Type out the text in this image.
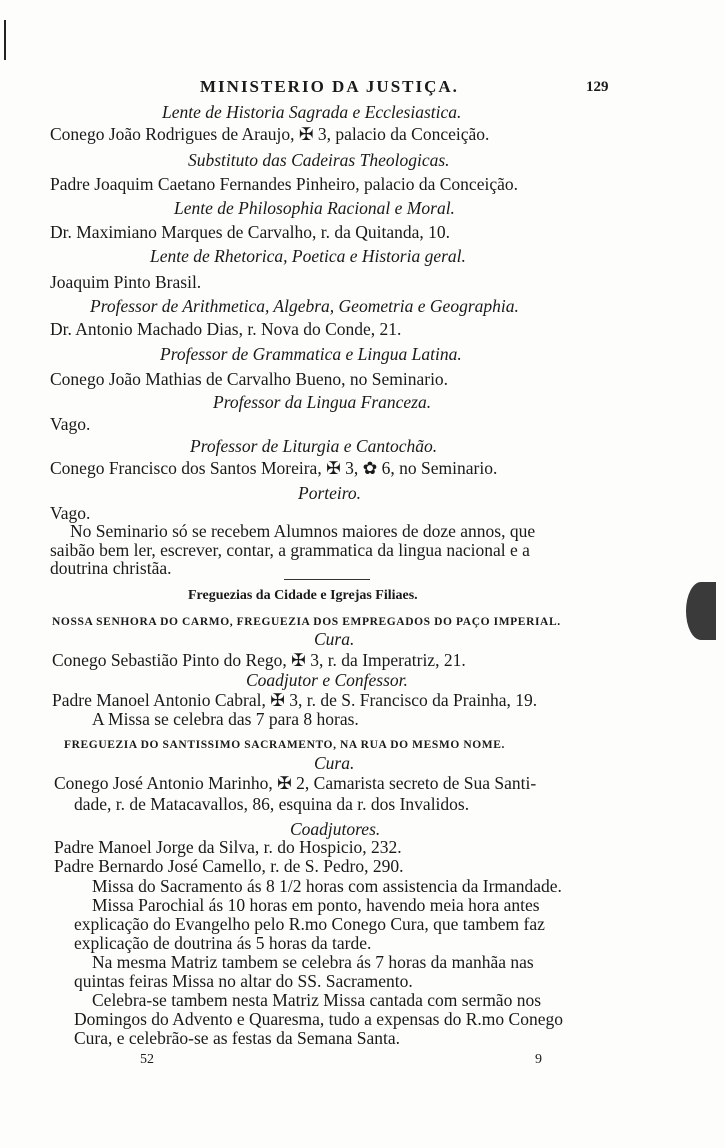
MINISTERIO DA JUSTIÇA.	129
Lente de Historia Sagrada e Ecclesiastica.
Conego João Rodrigues de Araujo, ✠ 3, palacio da Conceição.
Substituto das Cadeiras Theologicas.
Padre Joaquim Caetano Fernandes Pinheiro, palacio da Conceição.
Lente de Philosophia Racional e Moral.
Dr. Maximiano Marques de Carvalho, r. da Quitanda, 10.
Lente de Rhetorica, Poetica e Historia geral.
Joaquim Pinto Brasil.
Professor de Arithmetica, Algebra, Geometria e Geographia.
Dr. Antonio Machado Dias, r. Nova do Conde, 21.
Professor de Grammatica e Lingua Latina.
Conego João Mathias de Carvalho Bueno, no Seminario.
Professor da Lingua Franceza.
Vago.
Professor de Liturgia e Cantochão.
Conego Francisco dos Santos Moreira, ✠ 3, ✿ 6, no Seminario.
Porteiro.
Vago.
No Seminario só se recebem Alumnos maiores de doze annos, que
saibão bem ler, escrever, contar, a grammatica da lingua nacional e a
doutrina christãa.
Freguezias da Cidade e Igrejas Filiaes.
NOSSA SENHORA DO CARMO, FREGUEZIA DOS EMPREGADOS DO PAÇO IMPERIAL.
Cura.
Conego Sebastião Pinto do Rego, ✠ 3, r. da Imperatriz, 21.
Coadjutor e Confessor.
Padre Manoel Antonio Cabral, ✠ 3, r. de S. Francisco da Prainha, 19.
A Missa se celebra das 7 para 8 horas.
FREGUEZIA DO SANTISSIMO SACRAMENTO, NA RUA DO MESMO NOME.
Cura.
Conego José Antonio Marinho, ✠ 2, Camarista secreto de Sua Santi-
dade, r. de Matacavallos, 86, esquina da r. dos Invalidos.
Coadjutores.
Padre Manoel Jorge da Silva, r. do Hospicio, 232.
Padre Bernardo José Camello, r. de S. Pedro, 290.
Missa do Sacramento ás 8 1/2 horas com assistencia da Irmandade.
Missa Parochial ás 10 horas em ponto, havendo meia hora antes
explicação do Evangelho pelo R.mo Conego Cura, que tambem faz
explicação de doutrina ás 5 horas da tarde.
Na mesma Matriz tambem se celebra ás 7 horas da manhãa nas
quintas feiras Missa no altar do SS. Sacramento.
Celebra-se tambem nesta Matriz Missa cantada com sermão nos
Domingos do Advento e Quaresma, tudo a expensas do R.mo Conego
Cura, e celebrão-se as festas da Semana Santa.
52	9
